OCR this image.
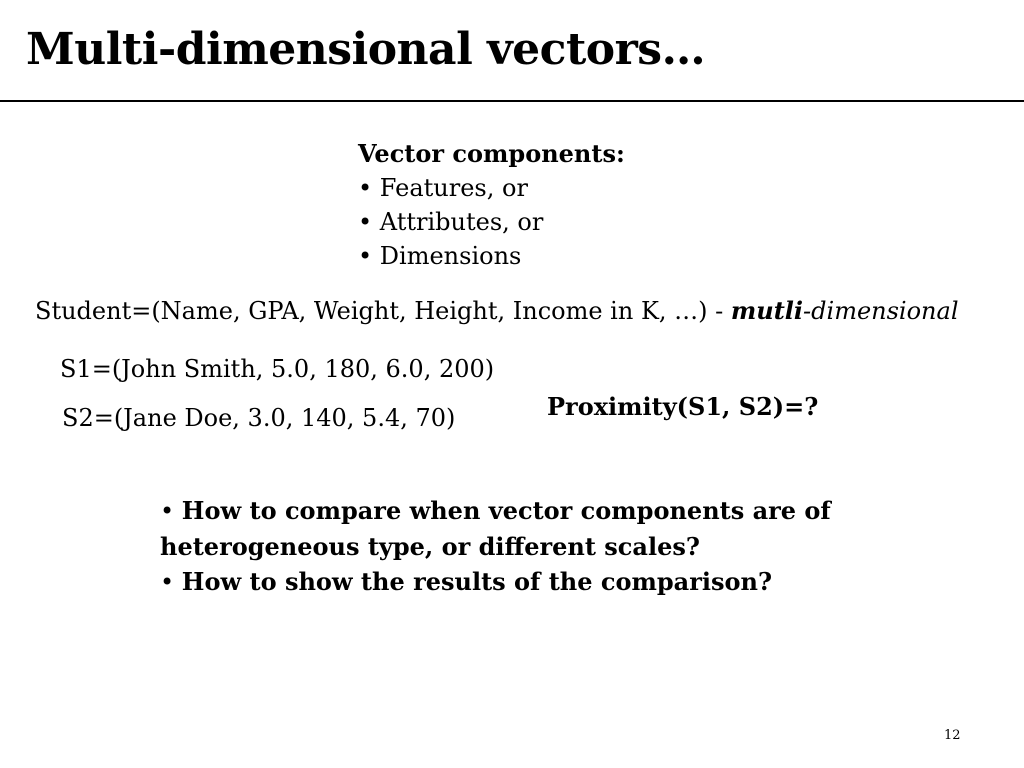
Multi-dimensional vectors…
Vector components:
• Features, or
• Attributes, or
• Dimensions
Student=(Name, GPA, Weight, Height, Income in K, …) - mutli-dimensional
S1=(John Smith, 5.0, 180, 6.0, 200)
S2=(Jane Doe, 3.0, 140, 5.4, 70)	Proximity(S1, S2)=?

• How to compare when vector components are of heterogeneous type, or different scales?

• How to show the results of the comparison?

12
